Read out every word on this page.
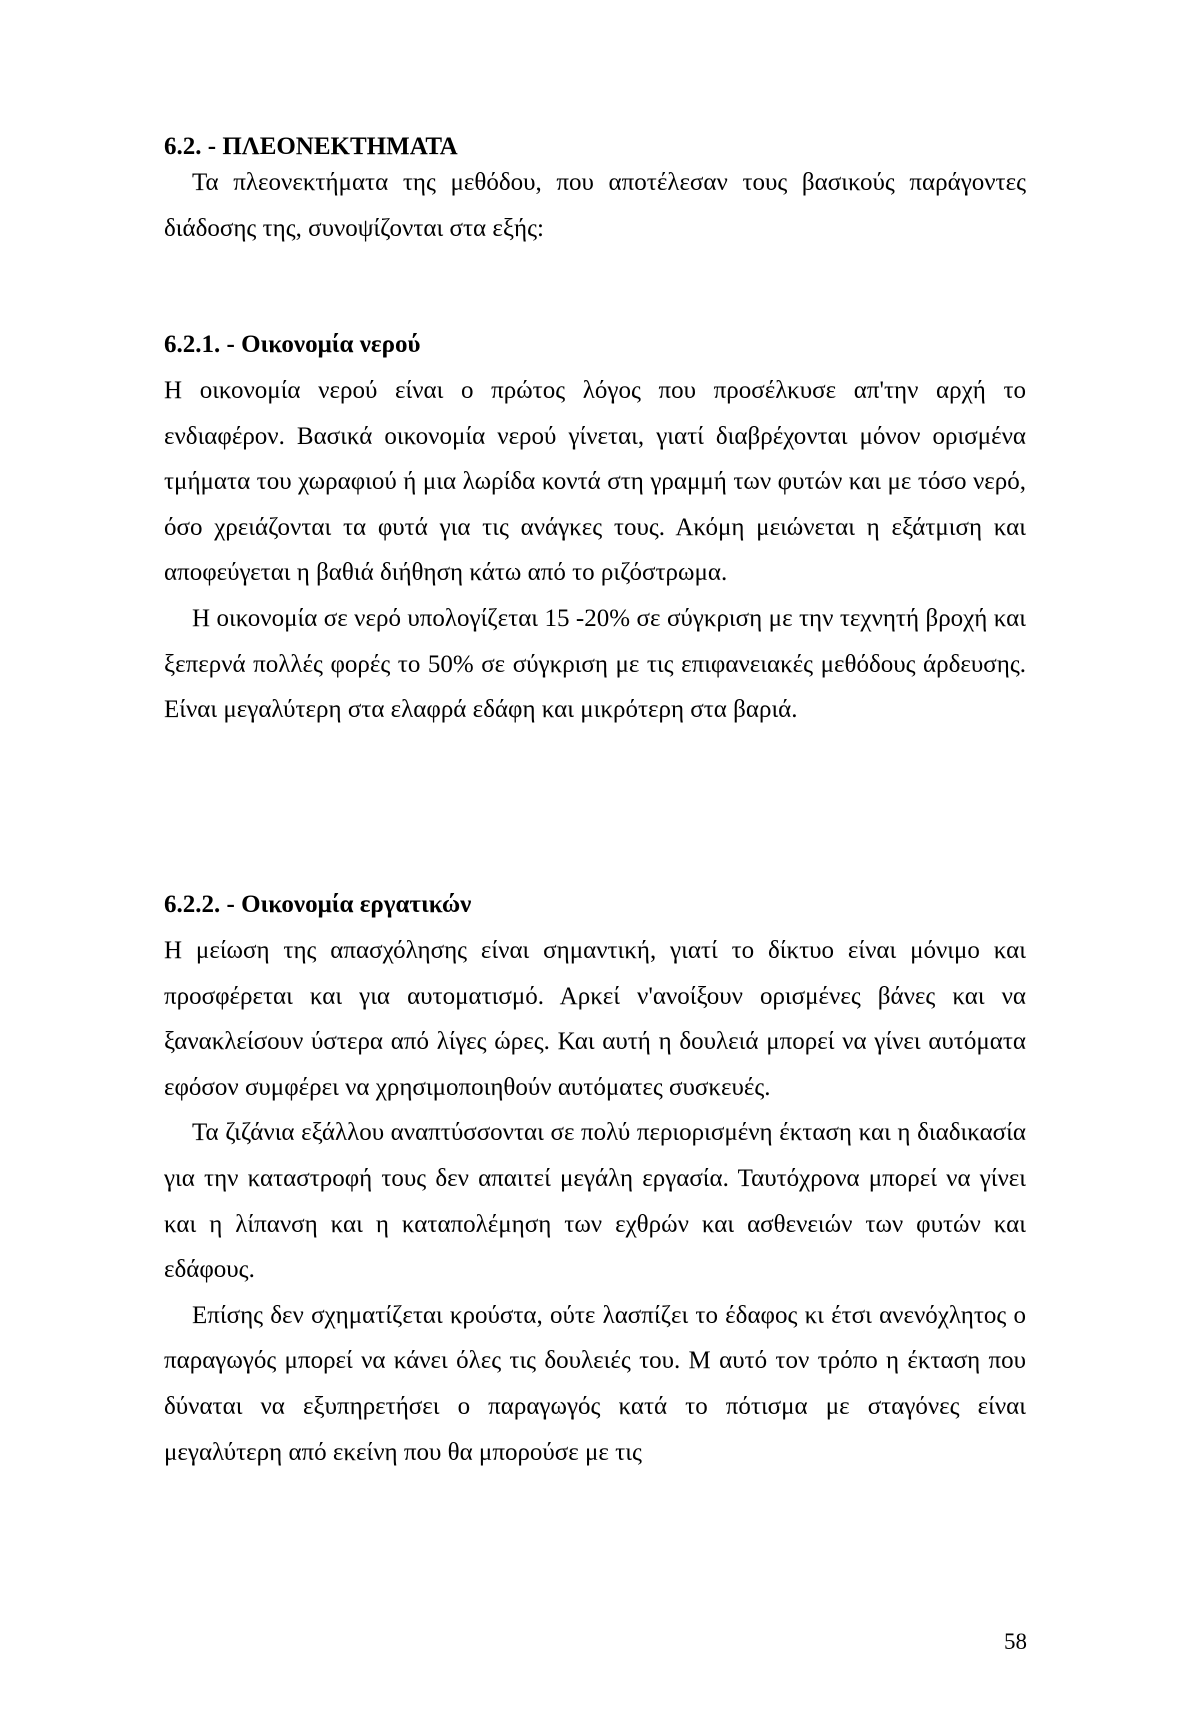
6.2. - ΠΛΕΟΝΕΚΤΗΜΑΤΑ

Τα πλεονεκτήματα της μεθόδου, που αποτέλεσαν τους βασικούς παράγοντες διάδοσης της, συνοψίζονται στα εξής:

6.2.1. - Οικονομία νερού

Η οικονομία νερού είναι ο πρώτος λόγος που προσέλκυσε απ'την αρχή το ενδιαφέρον. Βασικά οικονομία νερού γίνεται, γιατί διαβρέχονται μόνον ορισμένα τμήματα του χωραφιού ή μια λωρίδα κοντά στη γραμμή των φυτών και με τόσο νερό, όσο χρειάζονται τα φυτά για τις ανάγκες τους. Ακόμη μειώνεται η εξάτμιση και αποφεύγεται η βαθιά διήθηση κάτω από το ριζόστρωμα.

Η οικονομία σε νερό υπολογίζεται 15 -20% σε σύγκριση με την τεχνητή βροχή και ξεπερνά πολλές φορές το 50% σε σύγκριση με τις επιφανειακές μεθόδους άρδευσης. Είναι μεγαλύτερη στα ελαφρά εδάφη και μικρότερη στα βαριά.

6.2.2. - Οικονομία εργατικών

Η μείωση της απασχόλησης είναι σημαντική, γιατί το δίκτυο είναι μόνιμο και προσφέρεται και για αυτοματισμό. Αρκεί ν'ανοίξουν ορισμένες βάνες και να ξανακλείσουν ύστερα από λίγες ώρες. Και αυτή η δουλειά μπορεί να γίνει αυτόματα εφόσον συμφέρει να χρησιμοποιηθούν αυτόματες συσκευές.

Τα ζιζάνια εξάλλου αναπτύσσονται σε πολύ περιορισμένη έκταση και η διαδικασία για την καταστροφή τους δεν απαιτεί μεγάλη εργασία. Ταυτόχρονα μπορεί να γίνει και η λίπανση και η καταπολέμηση των εχθρών και ασθενειών των φυτών και εδάφους.

Επίσης δεν σχηματίζεται κρούστα, ούτε λασπίζει το έδαφος κι έτσι ανενόχλητος ο παραγωγός μπορεί να κάνει όλες τις δουλειές του. Μ αυτό τον τρόπο η έκταση που δύναται να εξυπηρετήσει ο παραγωγός κατά το πότισμα με σταγόνες είναι μεγαλύτερη από εκείνη που θα μπορούσε με τις

58
